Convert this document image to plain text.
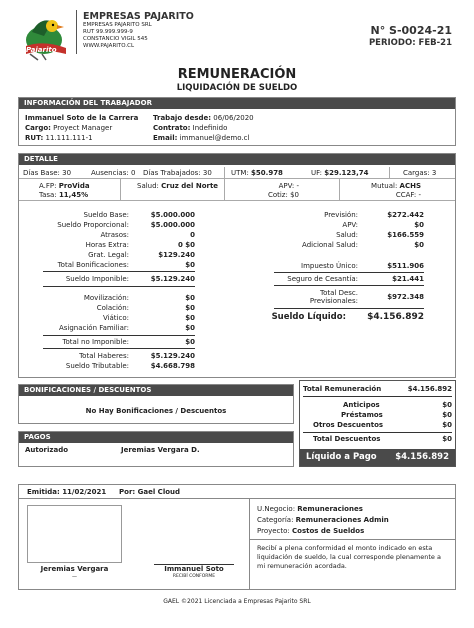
Pajarito
EMPRESAS PAJARITO
EMPRESAS PAJARITO SRL
RUT 99.999.999-9
CONSTANCIO VIGIL 545
WWW.PAJARITO.CL
N° S-0024-21
PERIODO: FEB-21
REMUNERACIÓN
LIQUIDACIÓN DE SUELDO
INFORMACIÓN DEL TRABAJADOR
Immanuel Soto de la Carrera
Cargo: Proyect Manager
RUT: 11.111.111-1
Trabajo desde: 06/06/2020
Contrato: Indefinido
Email: immanuel@demo.cl
DETALLE
Días Base: 30	Ausencias: 0 Días Trabajados: 30	UTM: $50.978	UF: $29.123,74	Cargas: 3
A.FP: ProVida
Tasa: 11,45%
Salud: Cruz del Norte	APV: -
Cotiz: $0
Mutual: ACHS
CCAF: -
Sueldo Base:	$5.000.000
Sueldo Proporcional:	$5.000.000
Atrasos:	0
Horas Extra:	0 $0
Grat. Legal:	$129.240
Total Bonificaciones:	$0
Sueldo Imponible:	$5.129.240
Movilización:	$0
Colación:	$0
Viático:	$0
Asignación Familiar:	$0
Total no Imponible:	$0
Total Haberes:	$5.129.240
Sueldo Tributable:	$4.668.798
Previsión:	$272.442
APV:	$0
Salud:	$166.559
Adicional Salud:	$0
Impuesto Único:	$511.906
Seguro de Cesantía:	$21.441
Total Desc.
Previsionales:	$972.348
Sueldo Líquido:	$4.156.892
BONIFICACIONES / DESCUENTOS
No Hay Bonificaciones / Descuentos
PAGOS
Autorizado	Jeremias Vergara D.
Total Remuneración	$4.156.892
Anticipos	$0
Préstamos	$0
Otros Descuentos	$0
Total Descuentos	$0
Líquido a Pago $4.156.892
Emitida: 11/02/2021 Por: Gael Cloud
Jeremias Vergara
—
Immanuel Soto
RECIBÍ CONFORME
U.Negocio: Remuneraciones
Categoría: Remuneraciones Admin
Proyecto: Costos de Sueldos
Recibí a plena conformidad el monto indicado en esta liquidación de sueldo, la cual corresponde plenamente a mi remuneración acordada.
GAEL ©2021 Licenciada a Empresas Pajarito SRL
